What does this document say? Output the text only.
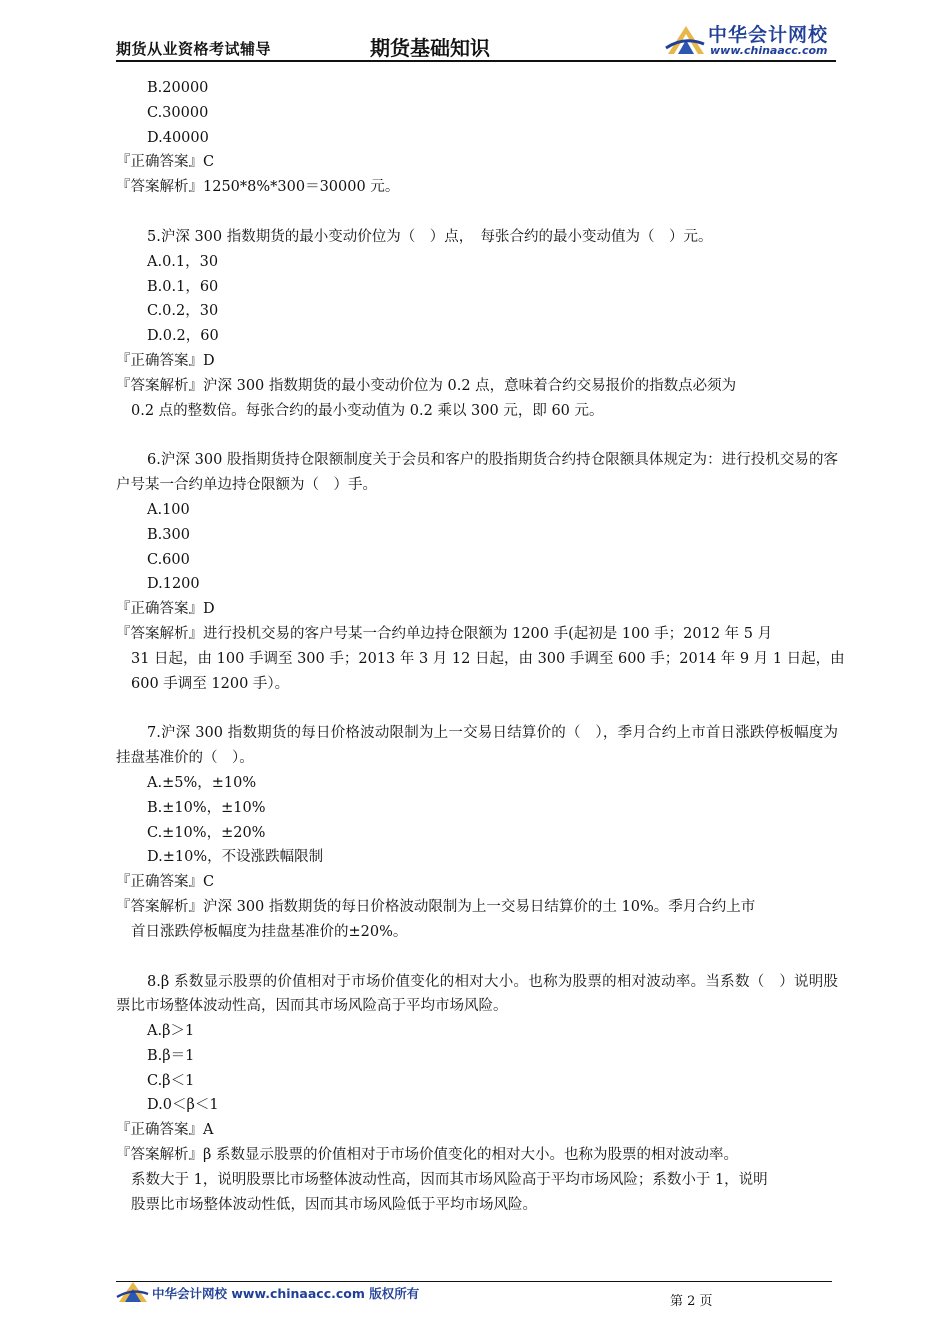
期货从业资格考试辅导	期货基础知识
中华会计网校
www.chinaacc.com

B.20000

C.30000

D.40000

『正确答案』C

『答案解析』1250*8%*300＝30000 元。

5.沪深 300 指数期货的最小变动价位为（　）点，　每张合约的最小变动值为（　）元。

A.0.1，30

B.0.1，60

C.0.2，30

D.0.2，60

『正确答案』D

『答案解析』沪深 300 指数期货的最小变动价位为 0.2 点，意味着合约交易报价的指数点必须为

0.2 点的整数倍。每张合约的最小变动值为 0.2 乘以 300 元，即 60 元。

6.沪深 300 股指期货持仓限额制度关于会员和客户的股指期货合约持仓限额具体规定为：进行投机交易的客户号某一合约单边持仓限额为（　）手。

A.100

B.300

C.600

D.1200

『正确答案』D

『答案解析』进行投机交易的客户号某一合约单边持仓限额为 1200 手(起初是 100 手；2012 年 5 月

31 日起，由 100 手调至 300 手；2013 年 3 月 12 日起，由 300 手调至 600 手；2014 年 9 月 1 日起，由

600 手调至 1200 手）。

7.沪深 300 指数期货的每日价格波动限制为上一交易日结算价的（　），季月合约上市首日涨跌停板幅度为挂盘基准价的（　）。

A.±5%，±10%

B.±10%，±10%

C.±10%，±20%

D.±10%，不设涨跌幅限制

『正确答案』C

『答案解析』沪深 300 指数期货的每日价格波动限制为上一交易日结算价的土 10%。季月合约上市

首日涨跌停板幅度为挂盘基准价的±20%。

8.β 系数显示股票的价值相对于市场价值变化的相对大小。也称为股票的相对波动率。当系数（　）说明股票比市场整体波动性高，因而其市场风险高于平均市场风险。

A.β＞1

B.β＝1

C.β＜1

D.0＜β＜1

『正确答案』A

『答案解析』β 系数显示股票的价值相对于市场价值变化的相对大小。也称为股票的相对波动率。

系数大于 1，说明股票比市场整体波动性高，因而其市场风险高于平均市场风险；系数小于 1，说明

股票比市场整体波动性低，因而其市场风险低于平均市场风险。

中华会计网校 www.chinaacc.com 版权所有
第 2 页
